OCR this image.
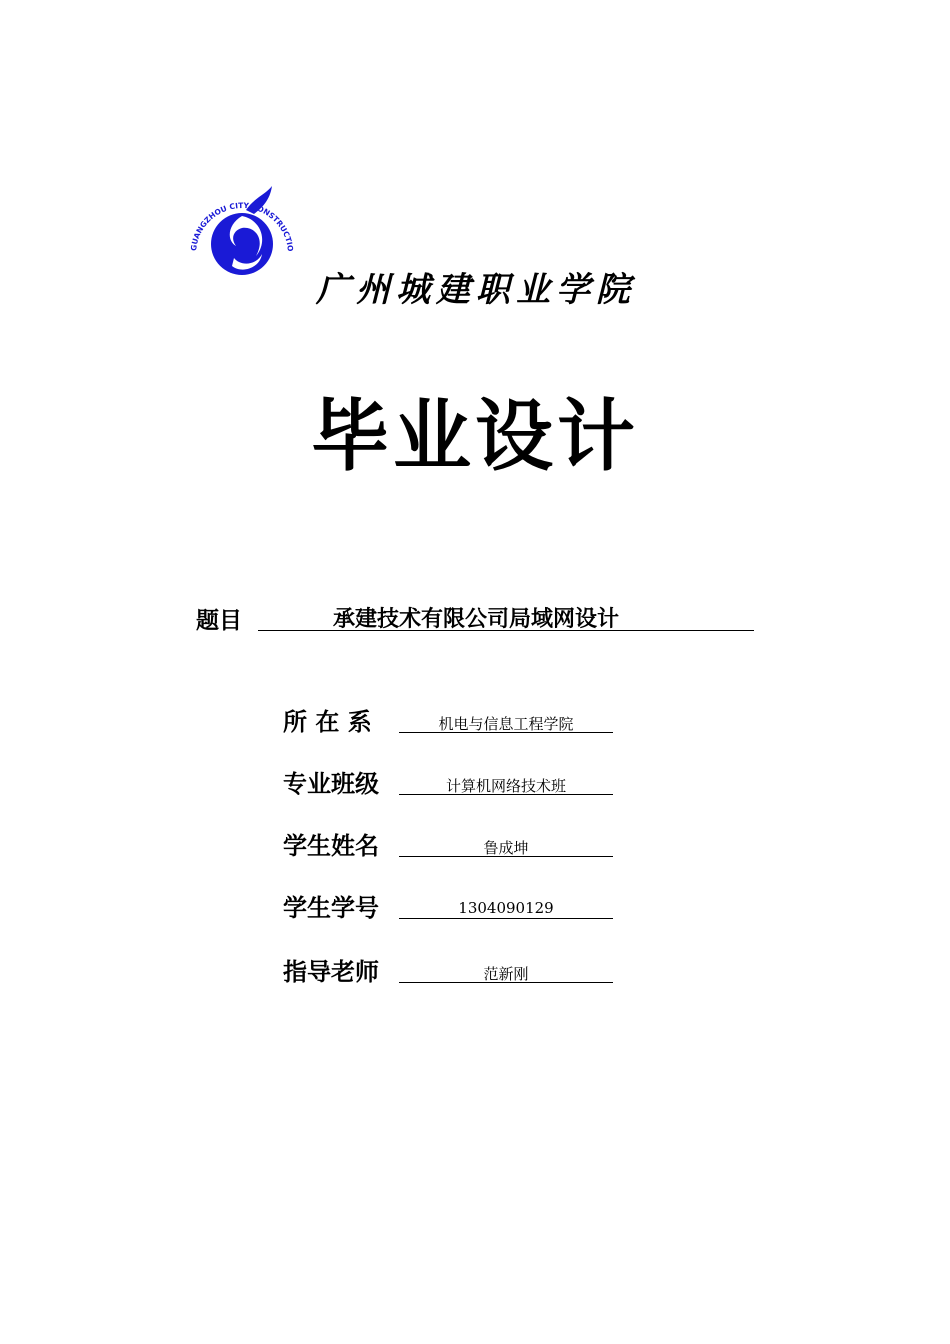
GUANGZHOU CITY CONSTRUCTIO
广州城建职业学院
毕业设计
题目	承建技术有限公司局域网设计
所 在 系	机电与信息工程学院
专业班级	计算机网络技术班
学生姓名	鲁成坤
学生学号	1304090129
指导老师	范新刚
